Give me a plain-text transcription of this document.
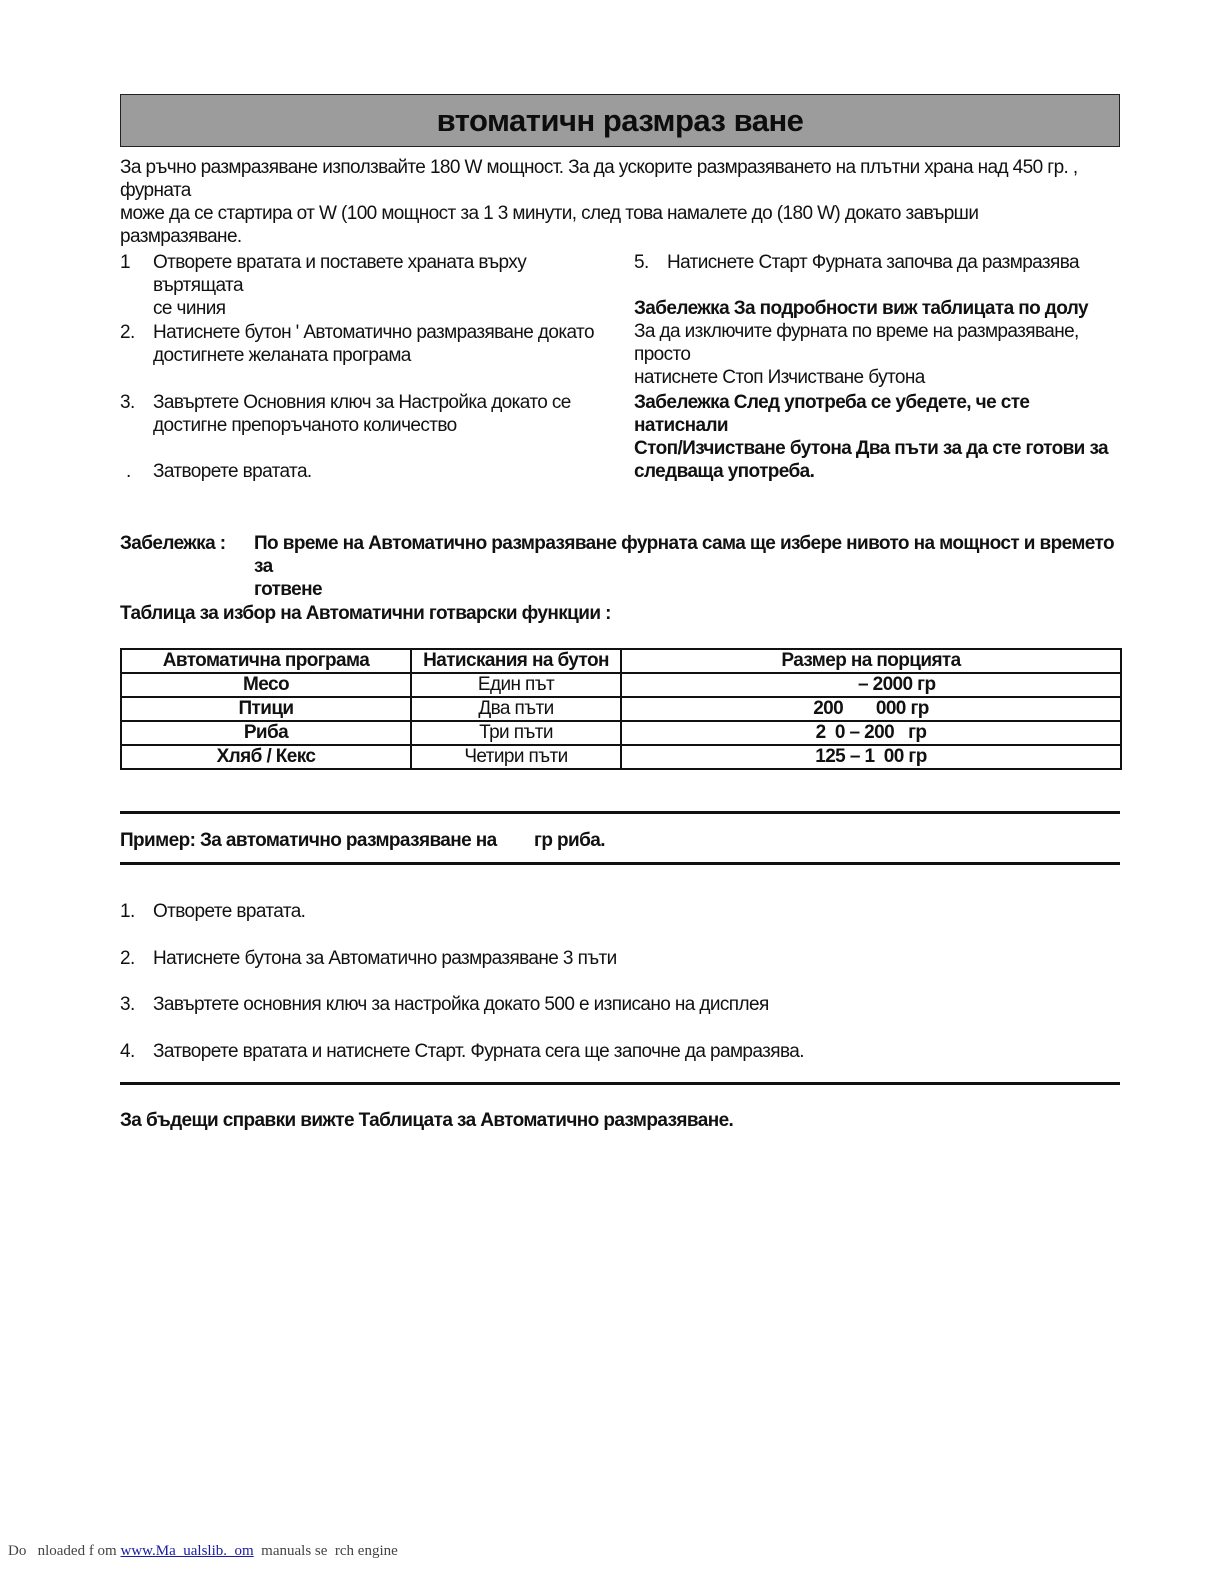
втоматичн размраз ване
За ръчно размразяване използвайте 180 W мощност. За да ускорите размразяването на плътни храна над 450 гр. , фурната
може да се стартира от W (100 мощност за 1 3 минути, след това намалете до (180 W) докато завърши
размразяване.
1 Отворете вратата и поставете храната върху въртящата
се чиния
2. Натиснете бутон ' Автоматично размразяване докато
достигнете желаната програма
3. Завъртете Основния ключ за Настройка докато се
достигне препоръчаното количество
. Затворете вратата.
5. Натиснете Старт Фурната започва да размразява
Забележка За подробности виж таблицата по долу
За да изключите фурната по време на размразяване, просто
натиснете Стоп Изчистване бутона
Забележка След употреба се убедете, че сте натиснали
Стоп/Изчистване бутона Два пъти за да сте готови за
следваща употреба.
Забележка : По време на Автоматично размразяване фурната сама ще избере нивото на мощност и времето за
готвене
Таблица за избор на Автоматични готварски функции :
Автоматична програма	Натискания на бутон	Размер на порцията
Месо	Един път	– 2000 гр
Птици	Два пъти	200       000 гр
Риба	Три пъти	2  0 – 200   гр
Хляб / Кекс	Четири пъти	125 – 1  00 гр
Пример: За автоматично размразяване на        гр риба.
1. Отворете вратата.
2. Натиснете бутона за Автоматично размразяване 3 пъти
3. Завъртете основния ключ за настройка докато 500 е изписано на дисплея
4. Затворете вратата и натиснете Старт. Фурната сега ще започне да рамразява.
За бъдещи справки вижте Таблицата за Автоматично размразяване.
Do   nloaded f om www.Ma  ualslib.  om  manuals se  rch engine
